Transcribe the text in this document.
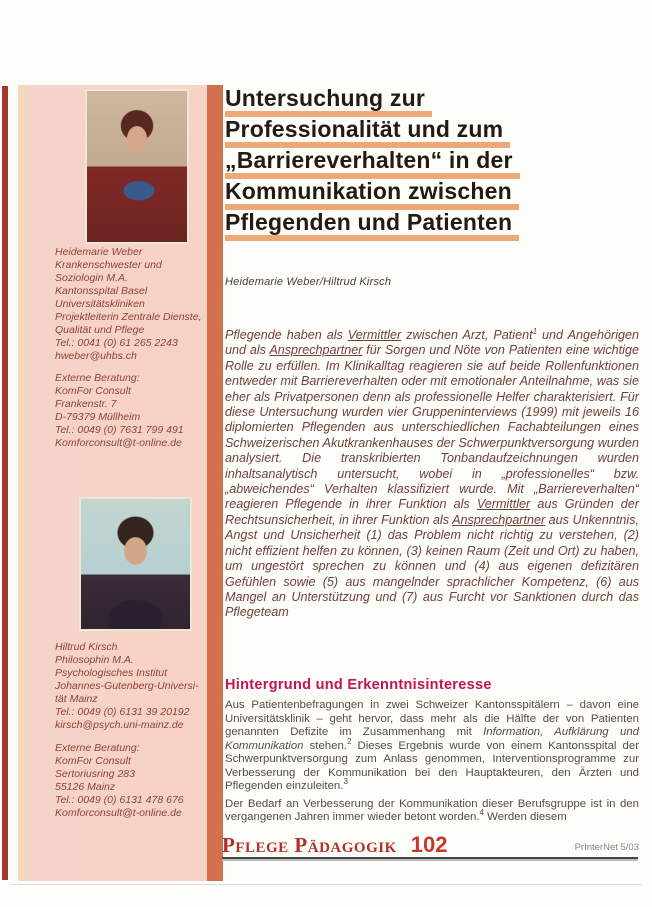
Heidemarie Weber
Krankenschwester und
Soziologin M.A.
Kantonsspital Basel
Universitätskliniken
Projektleiterin Zentrale Dienste,
Qualität und Pflege
Tel.: 0041 (0) 61 265 2243
hweber@uhbs.ch
Externe Beratung:
KomFor Consult
Frankenstr. 7
D-79379 Müllheim
Tel.: 0049 (0) 7631 799 491
Komforconsult@t-online.de
Hiltrud Kirsch
Philosophin M.A.
Psychologisches Institut
Johannes-Gutenberg-Universi-
tät Mainz
Tel.: 0049 (0) 6131 39 20192
kirsch@psych.uni-mainz.de
Externe Beratung:
KomFor Consult
Sertoriusring 283
55126 Mainz
Tel.: 0049 (0) 6131 478 676
Komforconsult@t-online.de
Untersuchung zur
Professionalität und zum
„Barriereverhalten“ in der
Kommunikation zwischen
Pflegenden und Patienten
Heidemarie Weber/Hiltrud Kirsch
Pflegende haben als Vermittler zwischen Arzt, Patient$^1$ und Angehörigen und als Ansprechpartner für Sorgen und Nöte von Patienten eine wichtige Rolle zu erfüllen. Im Klinikalltag reagieren sie auf beide Rollenfunktionen entweder mit Barriereverhalten oder mit emotionaler Anteilnahme, was sie eher als Privatpersonen denn als professionelle Helfer charakterisiert. Für diese Untersuchung wurden vier Gruppeninterviews (1999) mit jeweils 16 diplomierten Pflegenden aus unterschiedlichen Fachabteilungen eines Schweizerischen Akutkrankenhauses der Schwerpunktversorgung wurden analysiert. Die transkribierten Tonbandaufzeichnungen wurden inhaltsanalytisch untersucht, wobei in „professionelles“ bzw. „abweichendes“ Verhalten klassifiziert wurde. Mit „Barriereverhalten“ reagieren Pflegende in ihrer Funktion als Vermittler aus Gründen der Rechtsunsicherheit, in ihrer Funktion als Ansprechpartner aus Unkenntnis, Angst und Unsicherheit (1) das Problem nicht richtig zu verstehen, (2) nicht effizient helfen zu können, (3) keinen Raum (Zeit und Ort) zu haben, um ungestört sprechen zu können und (4) aus eigenen defizitären Gefühlen sowie (5) aus mangelnder sprachlicher Kompetenz, (6) aus Mangel an Unterstützung und (7) aus Furcht vor Sanktionen durch das Pflegeteam
Hintergrund und Erkenntnisinteresse

Aus Patientenbefragungen in zwei Schweizer Kantonsspitälern – davon eine Universitätsklinik – geht hervor, dass mehr als die Hälfte der von Patienten genannten Defizite im Zusammenhang mit Information, Aufklärung und Kommunikation stehen.$^2$ Dieses Ergebnis wurde von einem Kantonsspital der Schwerpunktversorgung zum Anlass genommen, Interventionsprogramme zur Verbesserung der Kommunikation bei den Hauptakteuren, den Ärzten und Pflegenden einzuleiten.$^3$

Der Bedarf an Verbesserung der Kommunikation dieser Berufsgruppe ist in den vergangenen Jahren immer wieder betont worden.$^4$ Werden diesem

Pflege Pädagogik 102	PrInterNet 5/03
